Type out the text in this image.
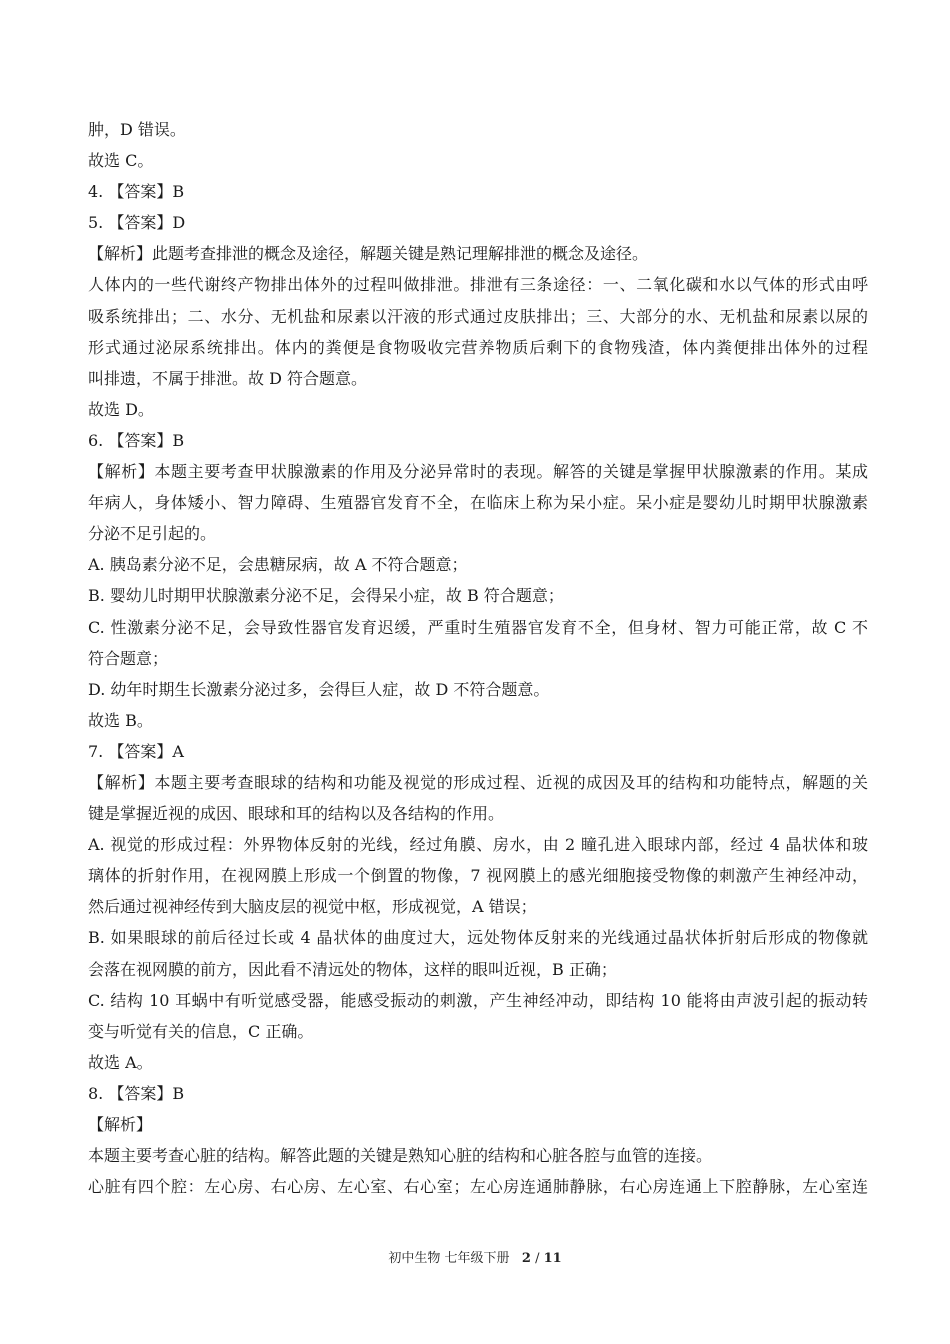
肿，D 错误。
故选 C。
4. 【答案】B
5. 【答案】D
【解析】此题考查排泄的概念及途径，解题关键是熟记理解排泄的概念及途径。
人体内的一些代谢终产物排出体外的过程叫做排泄。排泄有三条途径：一、二氧化碳和水以气体的形式由呼
吸系统排出；二、水分、无机盐和尿素以汗液的形式通过皮肤排出；三、大部分的水、无机盐和尿素以尿的
形式通过泌尿系统排出。体内的粪便是食物吸收完营养物质后剩下的食物残渣，体内粪便排出体外的过程
叫排遗，不属于排泄。故 D 符合题意。
故选 D。
6. 【答案】B
【解析】本题主要考查甲状腺激素的作用及分泌异常时的表现。解答的关键是掌握甲状腺激素的作用。某成
年病人，身体矮小、智力障碍、生殖器官发育不全，在临床上称为呆小症。呆小症是婴幼儿时期甲状腺激素
分泌不足引起的。
A. 胰岛素分泌不足，会患糖尿病，故 A 不符合题意；
B. 婴幼儿时期甲状腺激素分泌不足，会得呆小症，故 B 符合题意；
C. 性激素分泌不足，会导致性器官发育迟缓，严重时生殖器官发育不全，但身材、智力可能正常，故 C 不
符合题意；
D. 幼年时期生长激素分泌过多，会得巨人症，故 D 不符合题意。
故选 B。
7. 【答案】A
【解析】本题主要考查眼球的结构和功能及视觉的形成过程、近视的成因及耳的结构和功能特点，解题的关
键是掌握近视的成因、眼球和耳的结构以及各结构的作用。
A. 视觉的形成过程：外界物体反射的光线，经过角膜、房水，由 2 瞳孔进入眼球内部，经过 4 晶状体和玻
璃体的折射作用，在视网膜上形成一个倒置的物像，7 视网膜上的感光细胞接受物像的刺激产生神经冲动，
然后通过视神经传到大脑皮层的视觉中枢，形成视觉，A 错误；
B. 如果眼球的前后径过长或 4 晶状体的曲度过大，远处物体反射来的光线通过晶状体折射后形成的物像就
会落在视网膜的前方，因此看不清远处的物体，这样的眼叫近视，B 正确；
C. 结构 10 耳蜗中有听觉感受器，能感受振动的刺激，产生神经冲动，即结构 10 能将由声波引起的振动转
变与听觉有关的信息，C 正确。
故选 A。
8. 【答案】B
【解析】
本题主要考查心脏的结构。解答此题的关键是熟知心脏的结构和心脏各腔与血管的连接。
心脏有四个腔：左心房、右心房、左心室、右心室；左心房连通肺静脉，右心房连通上下腔静脉，左心室连
初中生物 七年级下册 2 / 11
